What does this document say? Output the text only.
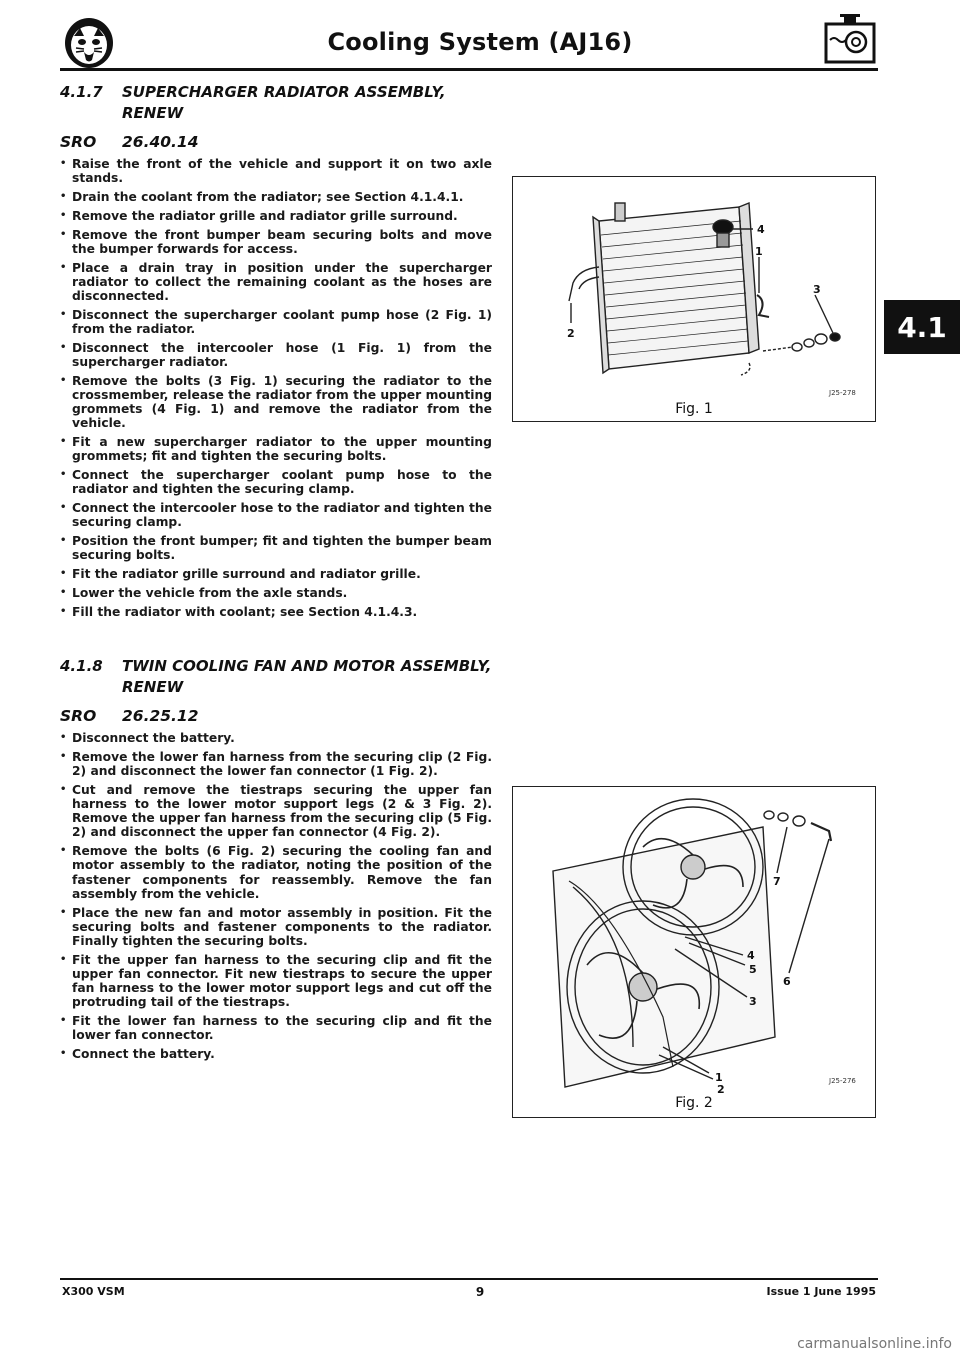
Cooling System (AJ16)
4.1
4.1.7	SUPERCHARGER RADIATOR ASSEMBLY, RENEW
SRO	26.40.14
• Raise the front of the vehicle and support it on two axle stands.
• Drain the coolant from the radiator; see Section 4.1.4.1.
• Remove the radiator grille and radiator grille surround.
• Remove the front bumper beam securing bolts and move the bumper forwards for access.
• Place a drain tray in position under the supercharger radiator to collect the remaining coolant as the hoses are disconnected.
• Disconnect the supercharger coolant pump hose (2 Fig. 1) from the radiator.
• Disconnect the intercooler hose (1 Fig. 1) from the supercharger radiator.
• Remove the bolts (3 Fig. 1) securing the radiator to the crossmember, release the radiator from the upper mounting grommets (4 Fig. 1) and remove the radiator from the vehicle.
• Fit a new supercharger radiator to the upper mounting grommets; fit and tighten the securing bolts.
• Connect the supercharger coolant pump hose to the radiator and tighten the securing clamp.
• Connect the intercooler hose to the radiator and tighten the securing clamp.
• Position the front bumper; fit and tighten the bumper beam securing bolts.
• Fit the radiator grille surround and radiator grille.
• Lower the vehicle from the axle stands.
• Fill the radiator with coolant; see Section 4.1.4.3.
4.1.8	TWIN COOLING FAN AND MOTOR ASSEMBLY, RENEW
SRO	26.25.12
• Disconnect the battery.
• Remove the lower fan harness from the securing clip (2 Fig. 2) and disconnect the lower fan connector (1 Fig. 2).
• Cut and remove the tiestraps securing the upper fan harness to the lower motor support legs (2 & 3 Fig. 2). Remove the upper fan harness from the securing clip (5 Fig. 2) and disconnect the upper fan connector (4 Fig. 2).
• Remove the bolts (6 Fig. 2) securing the cooling fan and motor assembly to the radiator, noting the position of the fastener components for reassembly. Remove the fan assembly from the vehicle.
• Place the new fan and motor assembly in position. Fit the securing bolts and fastener components to the radiator. Finally tighten the securing bolts.
• Fit the upper fan harness to the securing clip and fit the upper fan connector. Fit new tiestraps to secure the upper fan harness to the lower motor support legs and cut off the protruding tail of the tiestraps.
• Fit the lower fan harness to the securing clip and fit the lower fan connector.
• Connect the battery.
4
1
3
2
J25-278
Fig. 1
1
2
3
4
5
6
7
J25-276
Fig. 2
X300 VSM	9	Issue 1 June 1995
carmanualsonline.info
